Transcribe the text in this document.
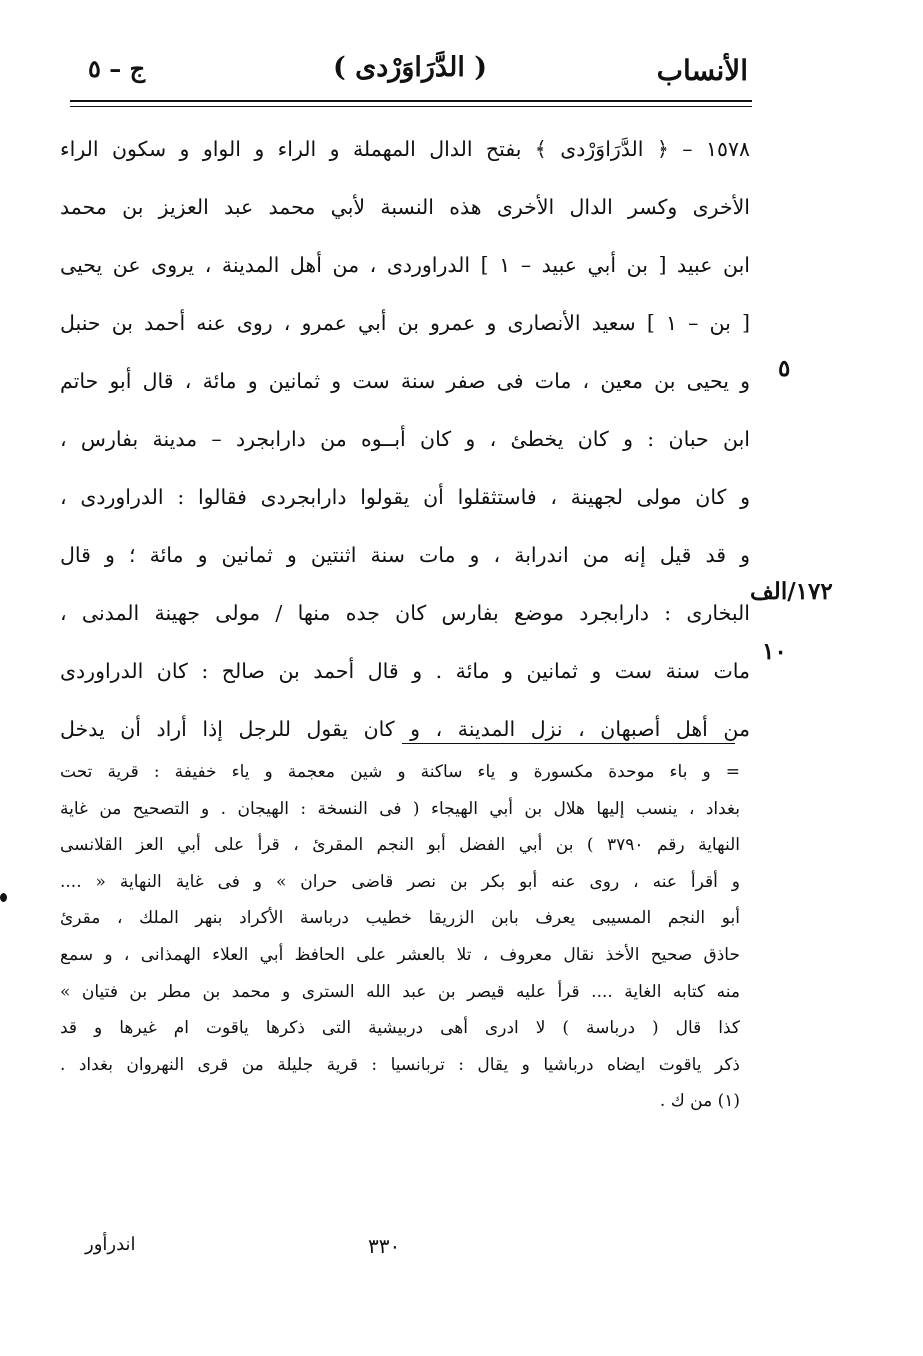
ج – ٥	( الدَّرَاوَرْدى )	الأنساب
١٥٧٨ – ﴿ الدَّرَاوَرْدى ﴾ بفتح الدال المهملة و الراء و الواو و سكون الراء
الأخرى وكسر الدال الأخرى هذه النسبة لأبي محمد عبد العزيز بن محمد
ابن عبيد [ بن أبي عبيد – ١ ] الدراوردى ، من أهل المدينة ، يروى عن يحيى
[ بن – ١ ] سعيد الأنصارى و عمرو بن أبي عمرو ، روى عنه أحمد بن حنبل
و يحيى بن معين ، مات فى صفر سنة ست و ثمانين و مائة ، قال أبو حاتم
ابن حبان : و كان يخطئ ، و كان أبــوه من دارابجرد – مدينة بفارس ،
و كان مولى لجهينة ، فاستثقلوا أن يقولوا دارابجردى فقالوا : الدراوردى ،
و قد قيل إنه من اندرابة ، و مات سنة اثنتين و ثمانين و مائة ؛ و قال
البخارى : دارابجرد موضع بفارس كان جده منها / مولى جهينة المدنى ،
مات سنة ست و ثمانين و مائة . و قال أحمد بن صالح : كان الدراوردى
من أهل أصبهان ، نزل المدينة ، و كان يقول للرجل إذا أراد أن يدخل
٥
١٠
١٧٢/الف
= و باء موحدة مكسورة و ياء ساكنة و شين معجمة و ياء خفيفة : قرية تحت
بغداد ، ينسب إليها هلال بن أبي الهيجاء ( فى النسخة : الهيجان . و التصحيح من غاية
النهاية رقم ٣٧٩٠ ) بن أبي الفضل أبو النجم المقرئ ، قرأ على أبي العز القلانسى
و أقرأ عنه ، روى عنه أبو بكر بن نصر قاضى حران » و فى غاية النهاية « ....
أبو النجم المسيبى يعرف بابن الزريقا خطيب درباسة الأكراد بنهر الملك ، مقرئ
حاذق صحيح الأخذ نقال معروف ، تلا بالعشر على الحافظ أبي العلاء الهمذانى ، و سمع
منه كتابه الغاية .... قرأ عليه قيصر بن عبد الله السترى و محمد بن مطر بن فتيان »
كذا قال ( درباسة ) لا ادرى أهى دربيشية التى ذكرها ياقوت ام غيرها و قد
ذكر ياقوت ايضاه درباشيا و يقال : تربانسيا : قرية جليلة من قرى النهروان بغداد .
(١) من ك .
٣٣٠
اندرأور
